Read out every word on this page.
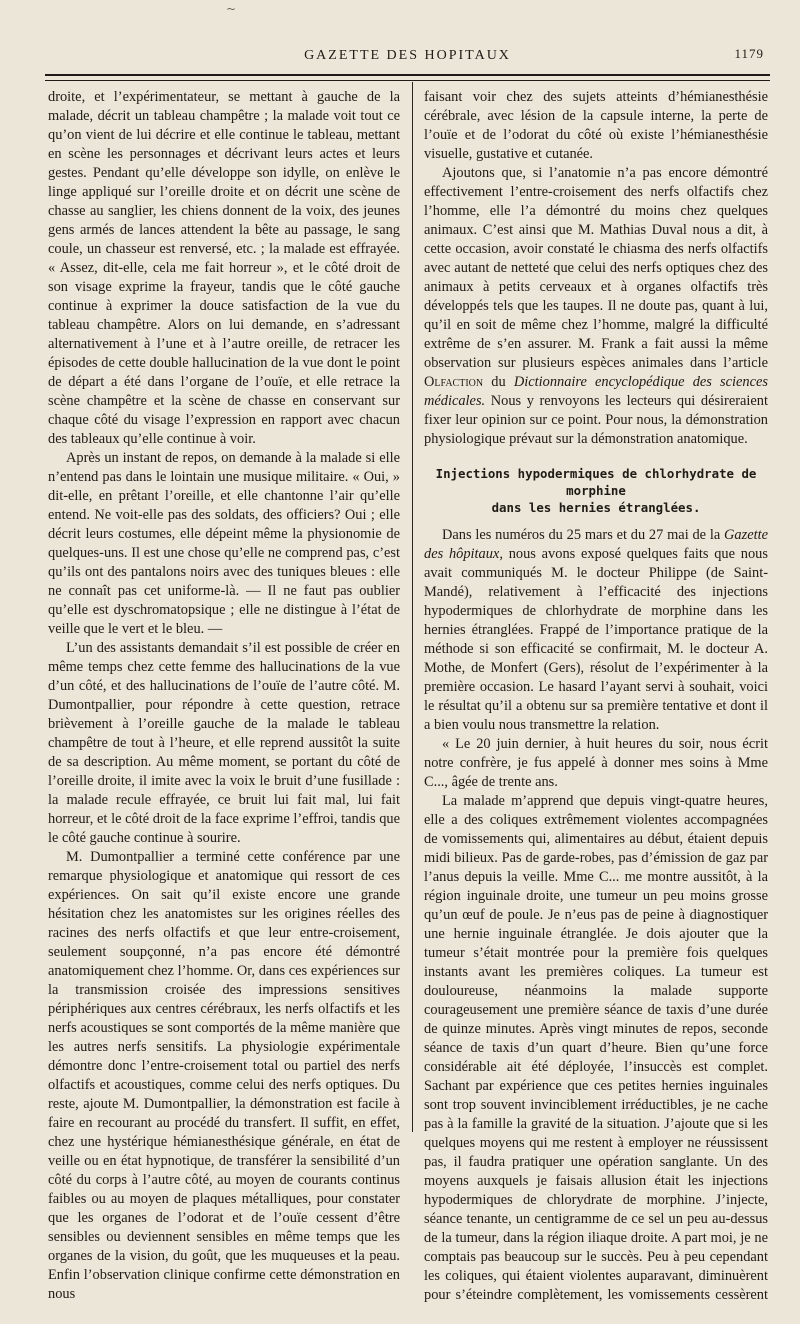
~
GAZETTE DES HOPITAUX	1179

droite, et l’expérimentateur, se mettant à gauche de la malade, décrit un tableau champêtre ; la malade voit tout ce qu’on vient de lui décrire et elle continue le tableau, mettant en scène les personnages et décrivant leurs actes et leurs gestes. Pendant qu’elle développe son idylle, on enlève le linge appliqué sur l’oreille droite et on décrit une scène de chasse au sanglier, les chiens donnent de la voix, des jeunes gens armés de lances attendent la bête au passage, le sang coule, un chasseur est renversé, etc. ; la malade est effrayée. « Assez, dit-elle, cela me fait horreur », et le côté droit de son visage exprime la frayeur, tandis que le côté gauche continue à exprimer la douce satisfaction de la vue du tableau champêtre. Alors on lui demande, en s’adressant alternativement à l’une et à l’autre oreille, de retracer les épisodes de cette double hallucination de la vue dont le point de départ a été dans l’organe de l’ouïe, et elle retrace la scène champêtre et la scène de chasse en conservant sur chaque côté du visage l’expression en rapport avec chacun des tableaux qu’elle continue à voir.

Après un instant de repos, on demande à la malade si elle n’entend pas dans le lointain une musique militaire. « Oui, » dit-elle, en prêtant l’oreille, et elle chantonne l’air qu’elle entend. Ne voit-elle pas des soldats, des officiers? Oui ; elle décrit leurs costumes, elle dépeint même la physionomie de quelques-uns. Il est une chose qu’elle ne comprend pas, c’est qu’ils ont des pantalons noirs avec des tuniques bleues : elle ne connaît pas cet uniforme-là. — Il ne faut pas oublier qu’elle est dyschromatopsique ; elle ne distingue à l’état de veille que le vert et le bleu. —

L’un des assistants demandait s’il est possible de créer en même temps chez cette femme des hallucinations de la vue d’un côté, et des hallucinations de l’ouïe de l’autre côté. M. Dumontpallier, pour répondre à cette question, retrace brièvement à l’oreille gauche de la malade le tableau champêtre de tout à l’heure, et elle reprend aussitôt la suite de sa description. Au même moment, se portant du côté de l’oreille droite, il imite avec la voix le bruit d’une fusillade : la malade recule effrayée, ce bruit lui fait mal, lui fait horreur, et le côté droit de la face exprime l’effroi, tandis que le côté gauche continue à sourire.

M. Dumontpallier a terminé cette conférence par une remarque physiologique et anatomique qui ressort de ces expériences. On sait qu’il existe encore une grande hésitation chez les anatomistes sur les origines réelles des racines des nerfs olfactifs et que leur entre-croisement, seulement soupçonné, n’a pas encore été démontré anatomiquement chez l’homme. Or, dans ces expériences sur la transmission croisée des impressions sensitives périphériques aux centres cérébraux, les nerfs olfactifs et les nerfs acoustiques se sont comportés de la même manière que les autres nerfs sensitifs. La physiologie expérimentale démontre donc l’entre-croisement total ou partiel des nerfs olfactifs et acoustiques, comme celui des nerfs optiques. Du reste, ajoute M. Dumontpallier, la démonstration est facile à faire en recourant au procédé du transfert. Il suffit, en effet, chez une hystérique hémianesthésique générale, en état de veille ou en état hypnotique, de transférer la sensibilité d’un côté du corps à l’autre côté, au moyen de courants continus faibles ou au moyen de plaques métalliques, pour constater que les organes de l’odorat et de l’ouïe cessent d’être sensibles ou deviennent sensibles en même temps que les organes de la vision, du goût, que les muqueuses et la peau. Enfin l’observation clinique confirme cette démonstration en nous

faisant voir chez des sujets atteints d’hémianesthésie cérébrale, avec lésion de la capsule interne, la perte de l’ouïe et de l’odorat du côté où existe l’hémianesthésie visuelle, gustative et cutanée.

Ajoutons que, si l’anatomie n’a pas encore démontré effectivement l’entre-croisement des nerfs olfactifs chez l’homme, elle l’a démontré du moins chez quelques animaux. C’est ainsi que M. Mathias Duval nous a dit, à cette occasion, avoir constaté le chiasma des nerfs olfactifs avec autant de netteté que celui des nerfs optiques chez des animaux à petits cerveaux et à organes olfactifs très développés tels que les taupes. Il ne doute pas, quant à lui, qu’il en soit de même chez l’homme, malgré la difficulté extrême de s’en assurer. M. Frank a fait aussi la même observation sur plusieurs espèces animales dans l’article Olfaction du Dictionnaire encyclopédique des sciences médicales. Nous y renvoyons les lecteurs qui désireraient fixer leur opinion sur ce point. Pour nous, la démonstration physiologique prévaut sur la démonstration anatomique.

Injections hypodermiques de chlorhydrate de morphine
dans les hernies étranglées.

Dans les numéros du 25 mars et du 27 mai de la Gazette des hôpitaux, nous avons exposé quelques faits que nous avait communiqués M. le docteur Philippe (de Saint-Mandé), relativement à l’efficacité des injections hypodermiques de chlorhydrate de morphine dans les hernies étranglées. Frappé de l’importance pratique de la méthode si son efficacité se confirmait, M. le docteur A. Mothe, de Monfert (Gers), résolut de l’expérimenter à la première occasion. Le hasard l’ayant servi à souhait, voici le résultat qu’il a obtenu sur sa première tentative et dont il a bien voulu nous transmettre la relation.

« Le 20 juin dernier, à huit heures du soir, nous écrit notre confrère, je fus appelé à donner mes soins à Mme C..., âgée de trente ans.

La malade m’apprend que depuis vingt-quatre heures, elle a des coliques extrêmement violentes accompagnées de vomissements qui, alimentaires au début, étaient depuis midi bilieux. Pas de garde-robes, pas d’émission de gaz par l’anus depuis la veille. Mme C... me montre aussitôt, à la région inguinale droite, une tumeur un peu moins grosse qu’un œuf de poule. Je n’eus pas de peine à diagnostiquer une hernie inguinale étranglée. Je dois ajouter que la tumeur s’était montrée pour la première fois quelques instants avant les premières coliques. La tumeur est douloureuse, néanmoins la malade supporte courageusement une première séance de taxis d’une durée de quinze minutes. Après vingt minutes de repos, seconde séance de taxis d’un quart d’heure. Bien qu’une force considérable ait été déployée, l’insuccès est complet. Sachant par expérience que ces petites hernies inguinales sont trop souvent invinciblement irréductibles, je ne cache pas à la famille la gravité de la situation. J’ajoute que si les quelques moyens qui me restent à employer ne réussissent pas, il faudra pratiquer une opération sanglante. Un des moyens auxquels je faisais allusion était les injections hypodermiques de chlorydrate de morphine. J’injecte, séance tenante, un centigramme de ce sel un peu au-dessus de la tumeur, dans la région iliaque droite. A part moi, je ne comptais pas beaucoup sur le succès. Peu à peu cependant les coliques, qui étaient violentes auparavant, diminuèrent pour s’éteindre complètement, les vomissements cessèrent
